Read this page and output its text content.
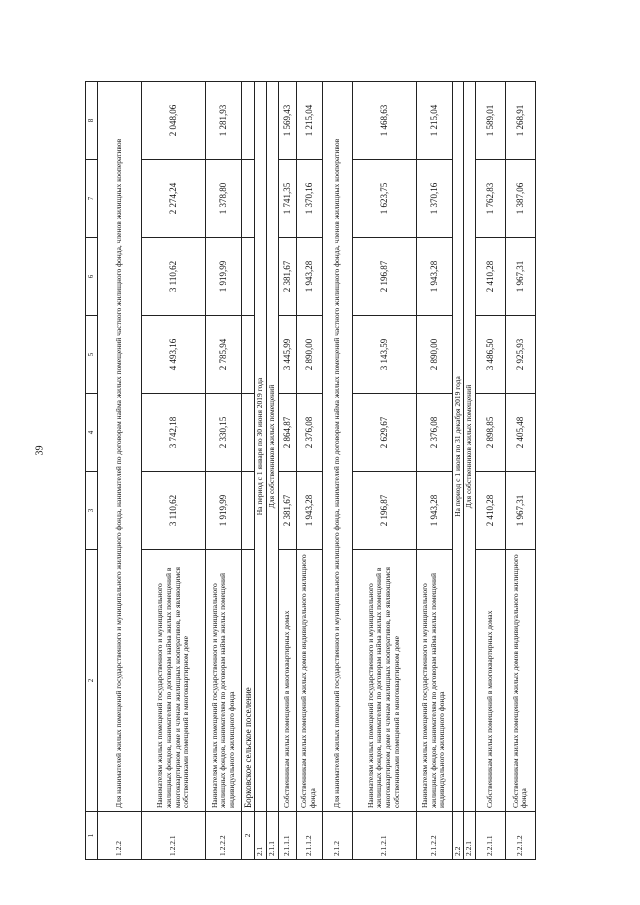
39
1	2	3	4	5	6	7	8
1.2.2	Для нанимателей жилых помещений государственного и муниципального жилищного фонда, нанимателей по договорам найма жилых помещений частного жилищного фонда, членов жилищных кооперативов						
1.2.2.1	Нанимателям жилых помещений государственного и муниципального жилищных фондов, нанимателям по договорам найма жилых помещений в многоквартирном доме и членам жилищных кооперативов, не являющимся собственниками помещений в многоквартирном доме	3 110,62	3 742,18	4 493,16	3 110,62	2 274,24	2 048,06
1.2.2.2	Нанимателям жилых помещений государственного и муниципального жилищных фондов, нанимателям по договорам найма жилых помещений индивидуального жилищного фонда	1 919,99	2 330,15	2 785,94	1 919,99	1 378,80	1 281,93
2	Борковское сельское поселение						
2.1	На период с 1 января по 30 июня 2019 года						
2.1.1	Для собственников жилых помещений						
2.1.1.1	Собственникам жилых помещений в многоквартирных домах	2 381,67	2 864,87	3 445,99	2 381,67	1 741,35	1 569,43
2.1.1.2	Собственникам жилых помещений жилых домов индивидуального жилищного фонда	1 943,28	2 376,08	2 890,00	1 943,28	1 370,16	1 215,04
2.1.2	Для нанимателей жилых помещений государственного и муниципального жилищного фонда, нанимателей по договорам найма жилых помещений частного жилищного фонда, членов жилищных кооперативов						
2.1.2.1	Нанимателям жилых помещений государственного и муниципального жилищных фондов, нанимателям по договорам найма жилых помещений в многоквартирном доме и членам жилищных кооперативов, не являющимся собственниками помещений в многоквартирном доме	2 196,87	2 629,67	3 143,59	2 196,87	1 623,75	1 468,63
2.1.2.2	Нанимателям жилых помещений государственного и муниципального жилищных фондов, нанимателям по договорам найма жилых помещений индивидуального жилищного фонда	1 943,28	2 376,08	2 890,00	1 943,28	1 370,16	1 215,04
2.2	На период с 1 июля по 31 декабря 2019 года						
2.2.1	Для собственников жилых помещений						
2.2.1.1	Собственникам жилых помещений в многоквартирных домах	2 410,28	2 898,85	3 486,50	2 410,28	1 762,83	1 589,01
2.2.1.2	Собственникам жилых помещений жилых домов индивидуального жилищного фонда	1 967,31	2 405,48	2 925,93	1 967,31	1 387,06	1 268,91
